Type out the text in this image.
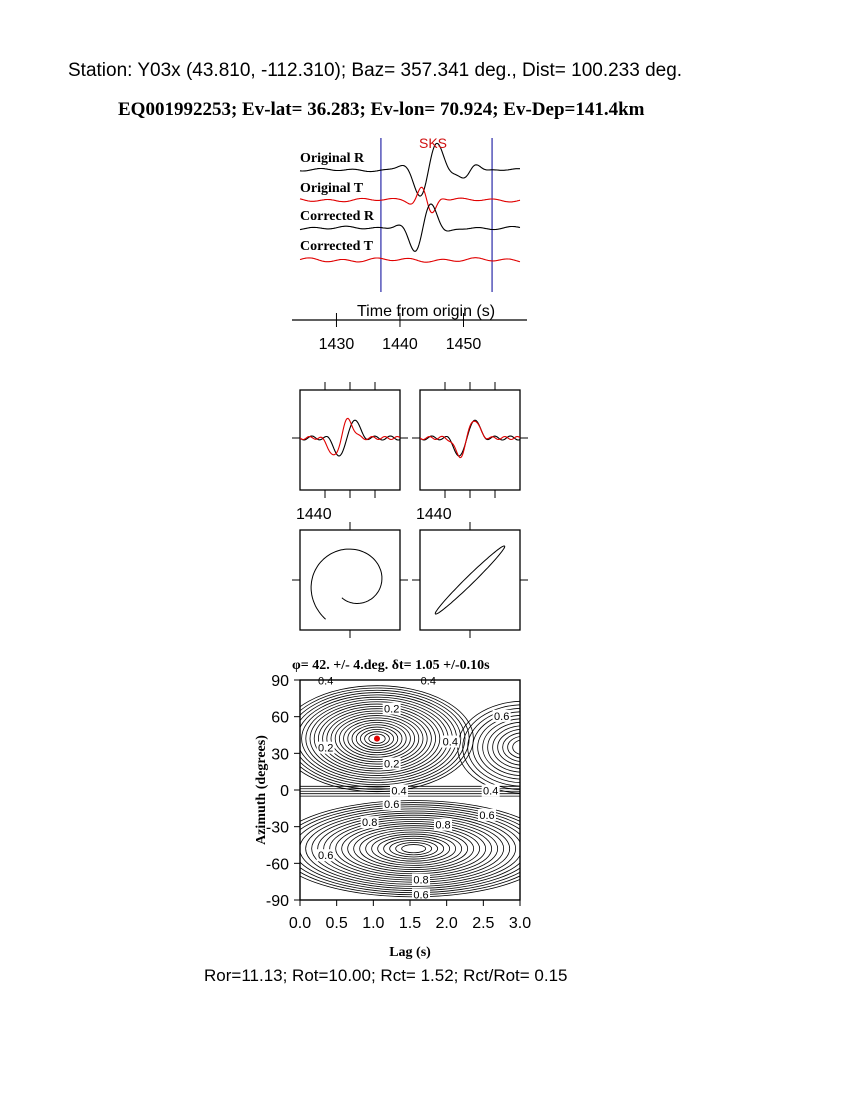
Station: Y03x (43.810, -112.310); Baz= 357.341 deg., Dist= 100.233 deg.
EQ001992253; Ev-lat= 36.283; Ev-lon= 70.924; Ev-Dep=141.4km
SKS
Original R
Original T
Corrected R
Corrected T
Time from origin (s)
1430 1440 1450
1440	1440
φ= 42. +/- 4.deg. δt= 1.05 +/-0.10s
0.4	0.4
0.2
0.6
0.2
0.4
0.2
0.4
0.6
0.4
0.6
0.8	0.8
0.6
0.8
0.6
0.0 0.5 1.0 1.5 2.0 2.5 3.0
90
60
30
0
-30
-60
-90
Lag (s)
Azimuth (degrees)
Ror=11.13; Rot=10.00; Rct= 1.52; Rct/Rot= 0.15
